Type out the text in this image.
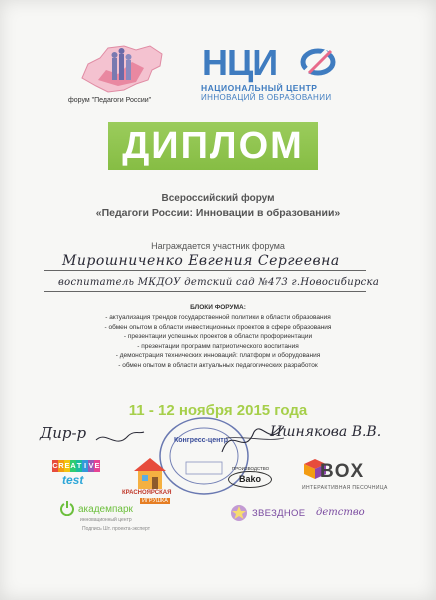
форум "Педагоги России"
НЦИ
НАЦИОНАЛЬНЫЙ ЦЕНТР
ИННОВАЦИЙ В ОБРАЗОВАНИИ
ДИПЛОМ
Всероссийский форум
«Педагоги России: Инновации в образовании»
Награждается участник форума
Мирошниченко Евгения Сергеевна
воспитатель МКДОУ детский сад №473 г.Новосибирска
БЛОКИ ФОРУМА:
- актуализация трендов государственной политики в области образования
- обмен опытом в области инвестиционных проектов в сфере образования
- презентации успешных проектов в области профориентации
- презентации программ патриотического воспитания
- демонстрация технических инноваций: платформ и оборудования
- обмен опытом в области актуальных педагогических разработок
11 - 12 ноября 2015 года
Конгресс-центр
Дир-р	Ишнякова В.В.
C R E A T I V E
test
КРАСНОЯРСКАЯ
ИГРУШКА
ПРОИЗВОДСТВО
Bako	BOX
ИНТЕРАКТИВНАЯ ПЕСОЧНИЦА
академпарк
инновационный центр
Подпись Шт. проекта-эксперт
ЗВЕЗДНОЕ детство
